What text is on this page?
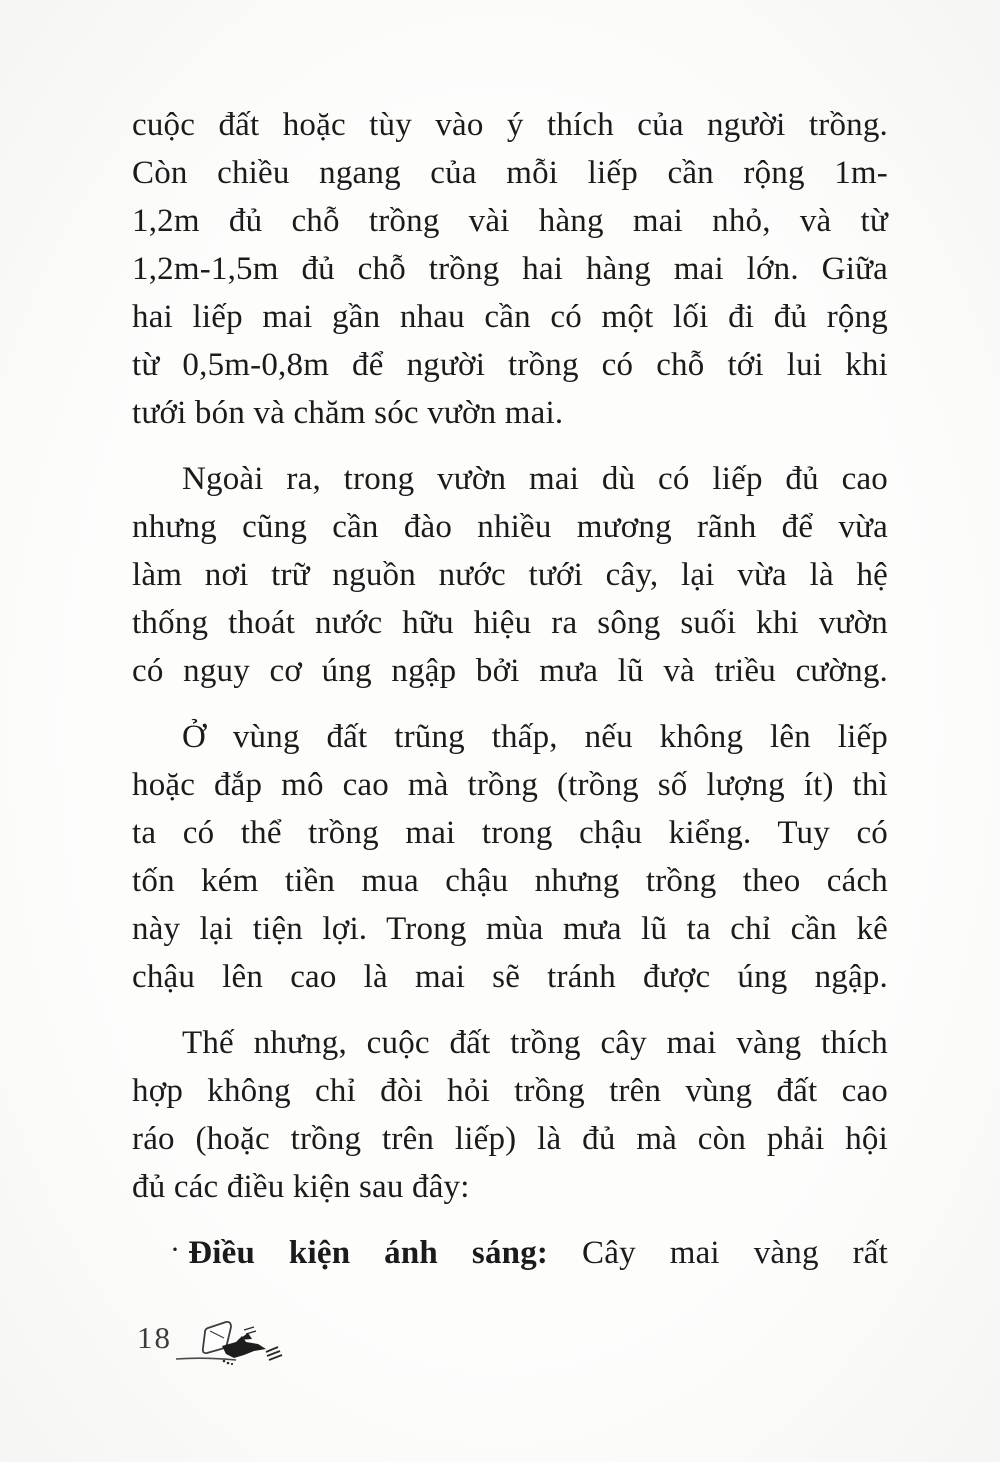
cuộc đất hoặc tùy vào ý thích của người trồng.
Còn chiều ngang của mỗi liếp cần rộng 1m-
1,2m đủ chỗ trồng vài hàng mai nhỏ, và từ
1,2m-1,5m đủ chỗ trồng hai hàng mai lớn. Giữa
hai liếp mai gần nhau cần có một lối đi đủ rộng
từ 0,5m-0,8m để người trồng có chỗ tới lui khi
tưới bón và chăm sóc vườn mai.
Ngoài ra, trong vườn mai dù có liếp đủ cao
nhưng cũng cần đào nhiều mương rãnh để vừa
làm nơi trữ nguồn nước tưới cây, lại vừa là hệ
thống thoát nước hữu hiệu ra sông suối khi vườn
có nguy cơ úng ngập bởi mưa lũ và triều cường.
Ở vùng đất trũng thấp, nếu không lên liếp
hoặc đắp mô cao mà trồng (trồng số lượng ít) thì
ta có thể trồng mai trong chậu kiểng. Tuy có
tốn kém tiền mua chậu nhưng trồng theo cách
này lại tiện lợi. Trong mùa mưa lũ ta chỉ cần kê
chậu lên cao là mai sẽ tránh được úng ngập.
Thế nhưng, cuộc đất trồng cây mai vàng thích
hợp không chỉ đòi hỏi trồng trên vùng đất cao
ráo (hoặc trồng trên liếp) là đủ mà còn phải hội
đủ các điều kiện sau đây:
· Điều kiện ánh sáng: Cây mai vàng rất
18
